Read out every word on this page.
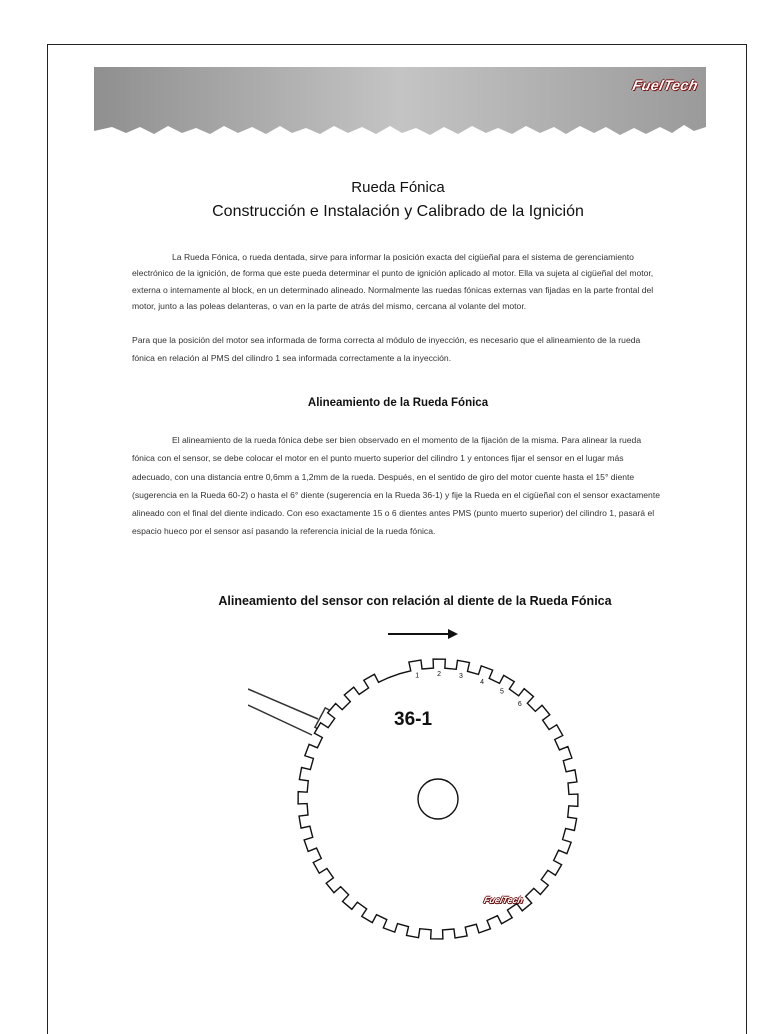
FuelTech
Rueda Fónica
Construcción e Instalación y Calibrado de la Ignición

La Rueda Fónica, o rueda dentada, sirve para informar la posición exacta del cigüeñal para el sistema de gerenciamiento electrónico de la ignición, de forma que este pueda determinar el punto de ignición aplicado al motor. Ella va sujeta al cigüeñal del motor, externa o internamente al block, en un determinado alineado. Normalmente las ruedas fónicas externas van fijadas en la parte frontal del motor, junto a las poleas delanteras, o van en la parte de atrás del mismo, cercana al volante del motor.

Para que la posición del motor sea informada de forma correcta al módulo de inyección, es necesario que el alineamiento de la rueda fónica en relación al PMS del cilindro 1 sea informada correctamente a la inyección.

Alineamiento de la Rueda Fónica

El alineamiento de la rueda fónica debe ser bien observado en el momento de la fijación de la misma. Para alinear la rueda fónica con el sensor, se debe colocar el motor en el punto muerto superior del cilindro 1 y entonces fijar el sensor en el lugar más adecuado, con una distancia entre 0,6mm a 1,2mm de la rueda. Después, en el sentido de giro del motor cuente hasta el 15° diente (sugerencia en la Rueda 60-2) o hasta el 6° diente (sugerencia en la Rueda 36-1) y fije la Rueda en el cigüeñal con el sensor exactamente alineado con el final del diente indicado. Con eso exactamente 15 o 6 dientes antes PMS (punto muerto superior) del cilindro 1, pasará el espacio hueco por el sensor así pasando la referencia inicial de la rueda fónica.

Alineamiento del sensor con relación al diente de la Rueda Fónica
1	2	3
4
5
6
36-1
FuelTech
